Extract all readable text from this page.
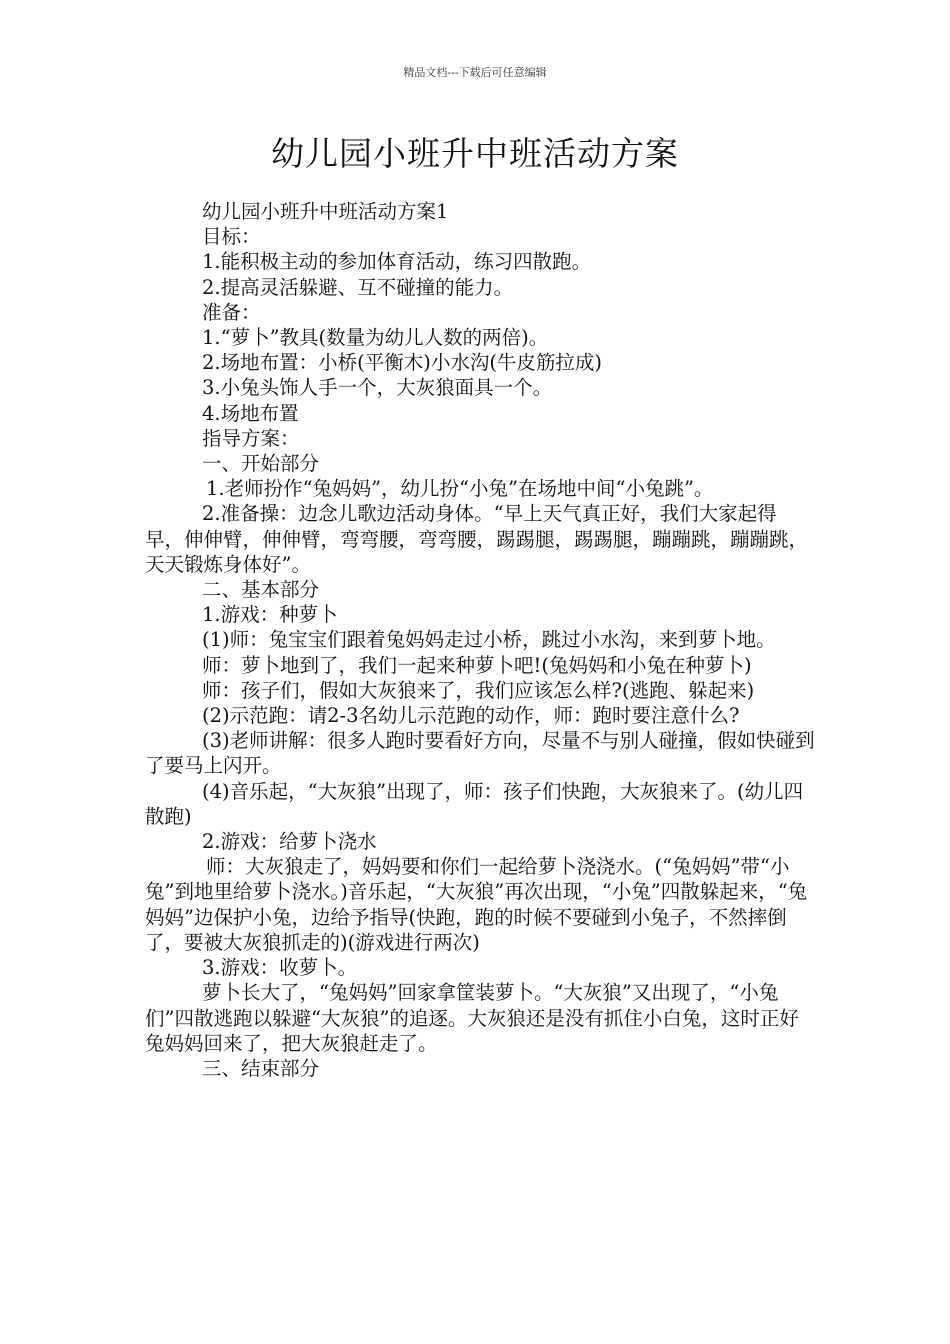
精品文档---下载后可任意编辑
幼儿园小班升中班活动方案

幼儿园小班升中班活动方案1

目标：

1.能积极主动的参加体育活动，练习四散跑。

2.提高灵活躲避、互不碰撞的能力。

准备：

1.“萝卜”教具(数量为幼儿人数的两倍)。

2.场地布置：小桥(平衡木)小水沟(牛皮筋拉成)

3.小兔头饰人手一个，大灰狼面具一个。

4.场地布置

指导方案：

一、开始部分

1.老师扮作“兔妈妈”，幼儿扮“小兔”在场地中间“小兔跳”。

2.准备操：边念儿歌边活动身体。“早上天气真正好，我们大家起得早，伸伸臂，伸伸臂，弯弯腰，弯弯腰，踢踢腿，踢踢腿，蹦蹦跳，蹦蹦跳，天天锻炼身体好”。

二、基本部分

1.游戏：种萝卜

(1)师：兔宝宝们跟着兔妈妈走过小桥，跳过小水沟，来到萝卜地。

师：萝卜地到了，我们一起来种萝卜吧!(兔妈妈和小兔在种萝卜)

师：孩子们，假如大灰狼来了，我们应该怎么样?(逃跑、躲起来)

(2)示范跑：请2-3名幼儿示范跑的动作，师：跑时要注意什么?

(3)老师讲解：很多人跑时要看好方向，尽量不与别人碰撞，假如快碰到了要马上闪开。

(4)音乐起，“大灰狼”出现了，师：孩子们快跑，大灰狼来了。(幼儿四散跑)

2.游戏：给萝卜浇水

师：大灰狼走了，妈妈要和你们一起给萝卜浇浇水。(“兔妈妈”带“小兔”到地里给萝卜浇水。)音乐起，“大灰狼”再次出现，“小兔”四散躲起来，“兔妈妈”边保护小兔，边给予指导(快跑，跑的时候不要碰到小兔子，不然摔倒了，要被大灰狼抓走的)(游戏进行两次)

3.游戏：收萝卜。

萝卜长大了，“兔妈妈”回家拿筐装萝卜。“大灰狼”又出现了，“小兔们”四散逃跑以躲避“大灰狼”的追逐。大灰狼还是没有抓住小白兔，这时正好兔妈妈回来了，把大灰狼赶走了。

三、结束部分
